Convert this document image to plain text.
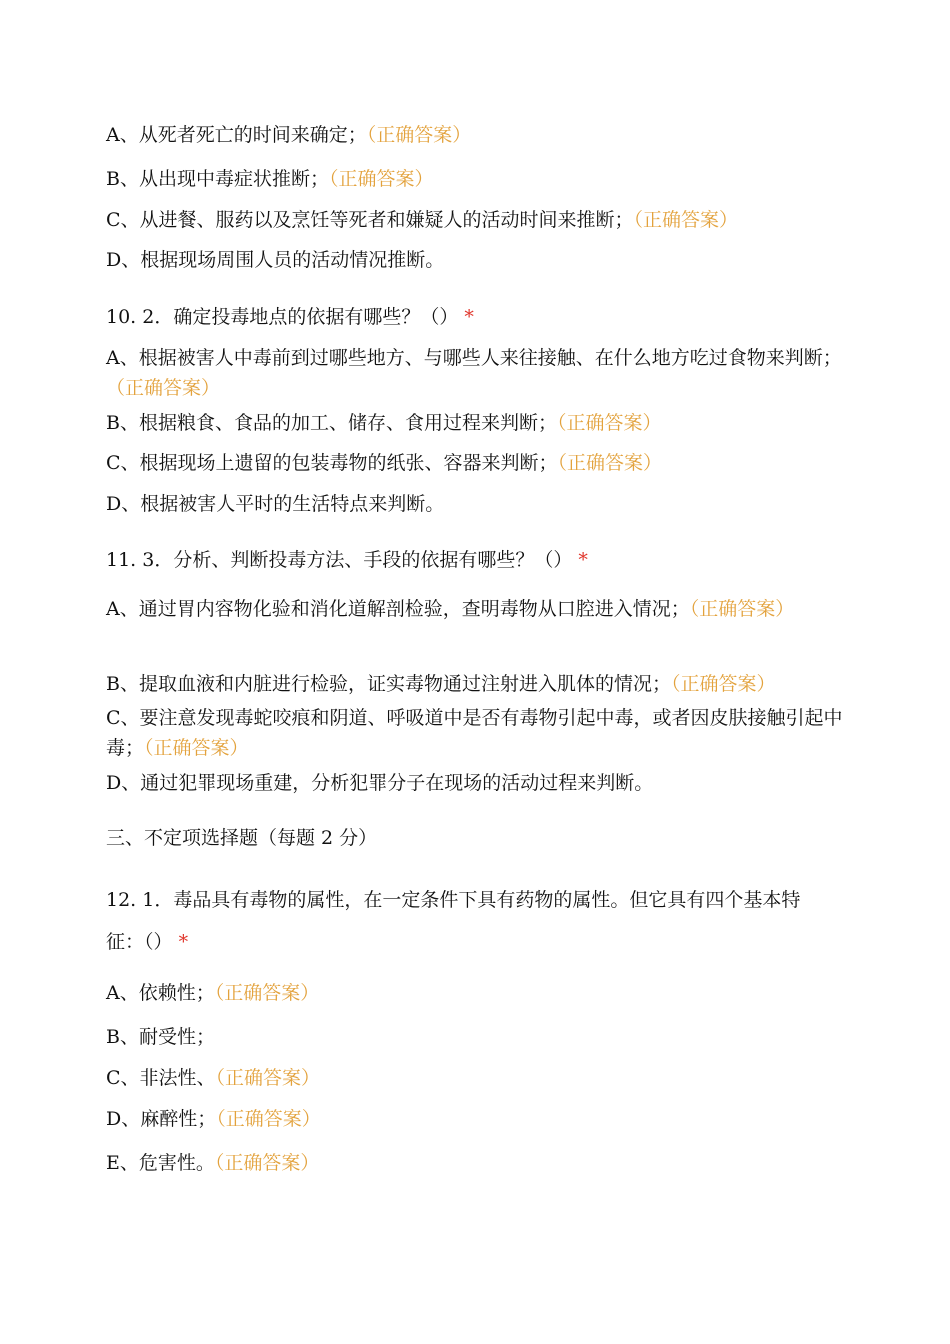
A、从死者死亡的时间来确定；（正确答案）
B、从出现中毒症状推断；（正确答案）
C、从进餐、服药以及烹饪等死者和嫌疑人的活动时间来推断；（正确答案）
D、根据现场周围人员的活动情况推断。
10. 2．确定投毒地点的依据有哪些？（） *
A、根据被害人中毒前到过哪些地方、与哪些人来往接触、在什么地方吃过食物来判断；（正确答案）
B、根据粮食、食品的加工、储存、食用过程来判断；（正确答案）
C、根据现场上遗留的包装毒物的纸张、容器来判断；（正确答案）
D、根据被害人平时的生活特点来判断。
11. 3．分析、判断投毒方法、手段的依据有哪些？（） *
A、通过胃内容物化验和消化道解剖检验，查明毒物从口腔进入情况；（正确答案）
B、提取血液和内脏进行检验，证实毒物通过注射进入肌体的情况；（正确答案）
C、要注意发现毒蛇咬痕和阴道、呼吸道中是否有毒物引起中毒，或者因皮肤接触引起中毒；（正确答案）
D、通过犯罪现场重建，分析犯罪分子在现场的活动过程来判断。
三、不定项选择题（每题 2 分）
12. 1．毒品具有毒物的属性，在一定条件下具有药物的属性。但它具有四个基本特
征：（） *
A、依赖性；（正确答案）
B、耐受性；
C、非法性、（正确答案）
D、麻醉性；（正确答案）
E、危害性。（正确答案）
